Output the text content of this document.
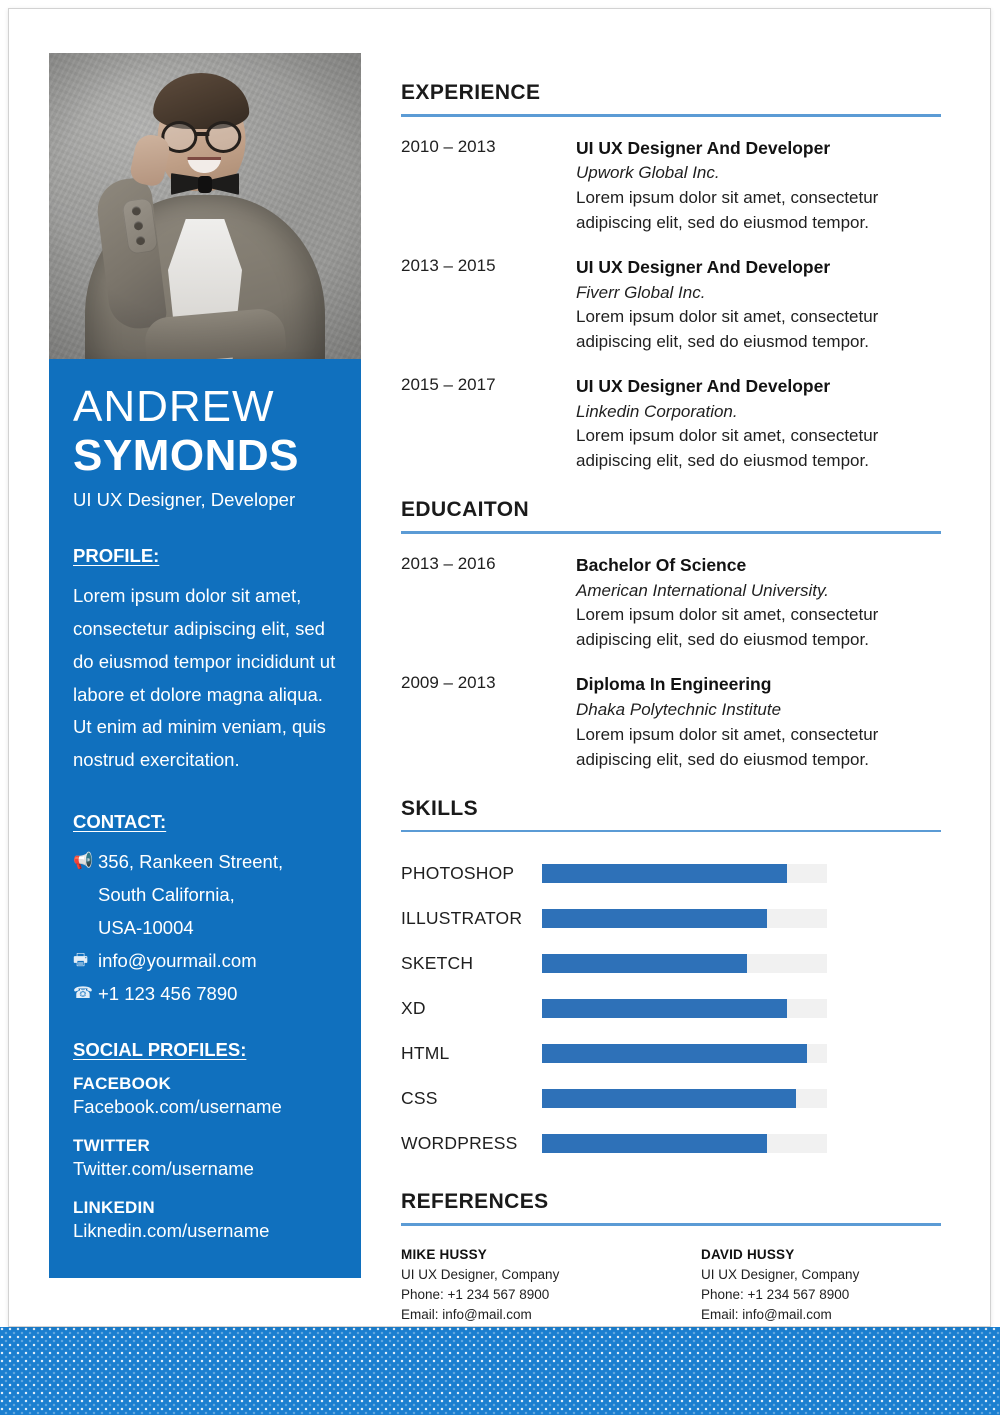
ANDREW
SYMONDS
UI UX Designer, Developer
PROFILE:
Lorem ipsum dolor sit amet, consectetur adipiscing elit, sed do eiusmod tempor incididunt ut labore et dolore magna aliqua. Ut enim ad minim veniam, quis nostrud exercitation.
CONTACT:
📢 356, Rankeen Streent,
South California,
USA-10004
🖶 info@yourmail.com
☎ +1 123 456 7890
SOCIAL PROFILES:
FACEBOOK
Facebook.com/username
TWITTER
Twitter.com/username
LINKEDIN
Liknedin.com/username
EXPERIENCE
2010 – 2013	UI UX Designer And Developer
Upwork Global Inc.
Lorem ipsum dolor sit amet, consectetur adipiscing elit, sed do eiusmod tempor.
2013 – 2015	UI UX Designer And Developer
Fiverr Global Inc.
Lorem ipsum dolor sit amet, consectetur adipiscing elit, sed do eiusmod tempor.
2015 – 2017	UI UX Designer And Developer
Linkedin Corporation.
Lorem ipsum dolor sit amet, consectetur adipiscing elit, sed do eiusmod tempor.
EDUCAITON
2013 – 2016	Bachelor Of Science
American International University.
Lorem ipsum dolor sit amet, consectetur adipiscing elit, sed do eiusmod tempor.
2009 – 2013	Diploma In Engineering
Dhaka Polytechnic Institute
Lorem ipsum dolor sit amet, consectetur adipiscing elit, sed do eiusmod tempor.
SKILLS
PHOTOSHOP
ILLUSTRATOR
SKETCH
XD
HTML
CSS
WORDPRESS
REFERENCES
MIKE HUSSY
UI UX Designer, Company
Phone: +1 234 567 8900
Email: info@mail.com
DAVID HUSSY
UI UX Designer, Company
Phone: +1 234 567 8900
Email: info@mail.com
